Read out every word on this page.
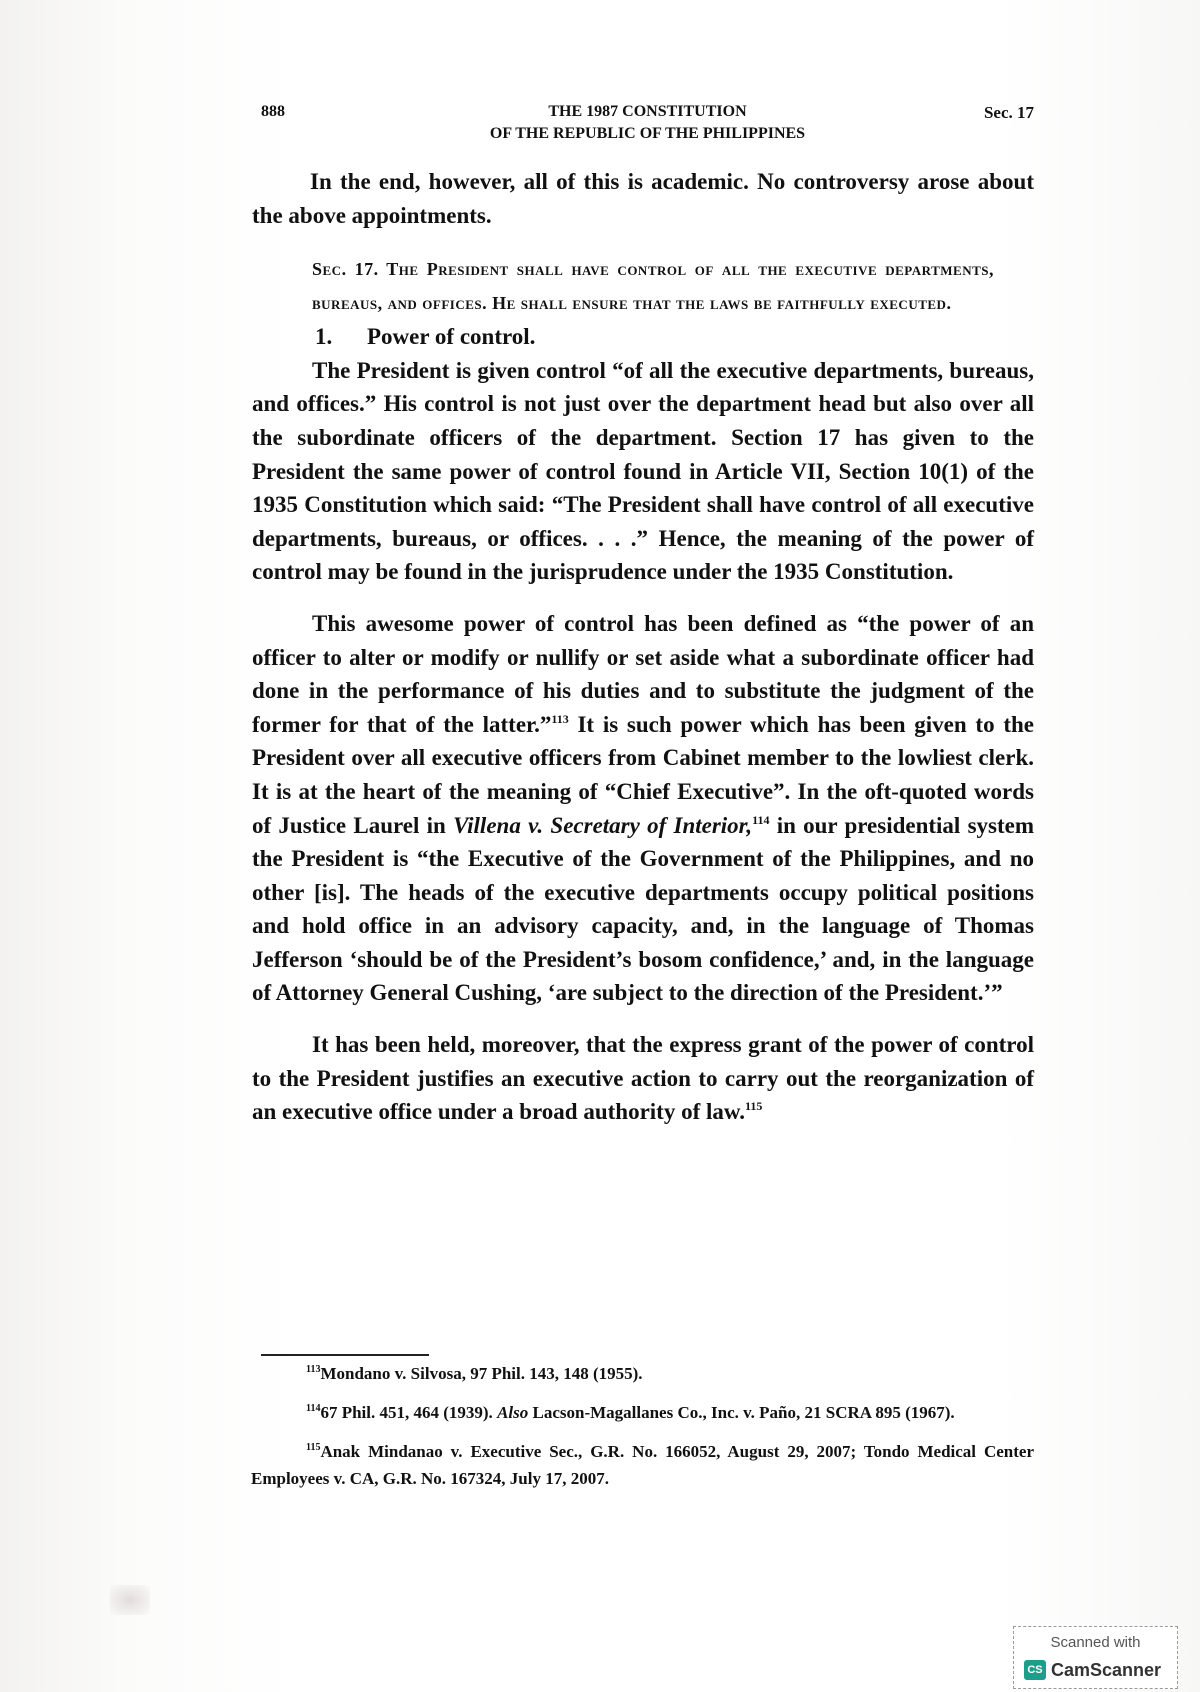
888	THE 1987 CONSTITUTION
OF THE REPUBLIC OF THE PHILIPPINES
Sec. 17

In the end, however, all of this is academic. No controversy arose about the above appointments.

Sec. 17. The President shall have control of all the executive departments, bureaus, and offices. He shall ensure that the laws be faithfully executed.

1. Power of control.

The President is given control “of all the executive departments, bureaus, and offices.” His control is not just over the department head but also over all the subordinate officers of the department. Section 17 has given to the President the same power of control found in Article VII, Section 10(1) of the 1935 Constitution which said: “The President shall have control of all executive departments, bureaus, or offices. . . .” Hence, the meaning of the power of control may be found in the jurisprudence under the 1935 Constitution.

This awesome power of control has been defined as “the power of an officer to alter or modify or nullify or set aside what a subordinate officer had done in the performance of his duties and to substitute the judgment of the former for that of the latter.”$^{113}$ It is such power which has been given to the President over all executive officers from Cabinet member to the lowliest clerk. It is at the heart of the meaning of “Chief Executive”. In the oft-quoted words of Justice Laurel in Villena v. Secretary of Interior,$^{114}$ in our presidential system the President is “the Executive of the Government of the Philippines, and no other [is]. The heads of the executive departments occupy political positions and hold office in an advisory capacity, and, in the language of Thomas Jefferson ‘should be of the President’s bosom confidence,’ and, in the language of Attorney General Cushing, ‘are subject to the direction of the President.’”

It has been held, moreover, that the express grant of the power of control to the President justifies an executive action to carry out the reorganization of an executive office under a broad authority of law.$^{115}$

$^{113}$Mondano v. Silvosa, 97 Phil. 143, 148 (1955).

$^{114}$67 Phil. 451, 464 (1939). Also Lacson-Magallanes Co., Inc. v. Paño, 21 SCRA 895 (1967).

$^{115}$Anak Mindanao v. Executive Sec., G.R. No. 166052, August 29, 2007; Tondo Medical Center Employees v. CA, G.R. No. 167324, July 17, 2007.

Scanned with
CS CamScanner
